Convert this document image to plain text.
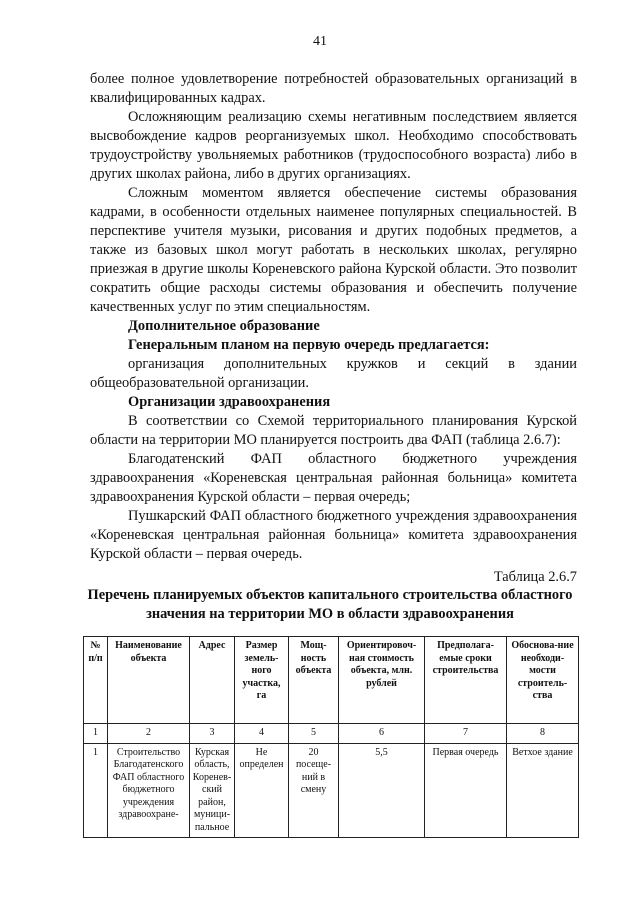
41

более полное удовлетворение потребностей образовательных организаций в квалифицированных кадрах.

Осложняющим реализацию схемы негативным последствием является высвобождение кадров реорганизуемых школ. Необходимо способствовать трудоустройству увольняемых работников (трудоспособного возраста) либо в других школах района, либо в других организациях.

Сложным моментом является обеспечение системы образования кадрами, в особенности отдельных наименее популярных специальностей. В перспективе учителя музыки, рисования и других подобных предметов, а также из базовых школ могут работать в нескольких школах, регулярно приезжая в другие школы Кореневского района Курской области. Это позволит сократить общие расходы системы образования и обеспечить получение качественных услуг по этим специальностям.

Дополнительное образование

Генеральным планом на первую очередь предлагается:

организация дополнительных кружков и секций в здании общеобразовательной организации.

Организации здравоохранения

В соответствии со Схемой территориального планирования Курской области на территории МО планируется построить два ФАП (таблица 2.6.7):

Благодатенский ФАП областного бюджетного учреждения здравоохранения «Кореневская центральная районная больница» комитета здравоохранения Курской области – первая очередь;

Пушкарский ФАП областного бюджетного учреждения здравоохранения «Кореневская центральная районная больница» комитета здравоохранения Курской области – первая очередь.

Таблица 2.6.7

Перечень планируемых объектов капитального строительства областного значения на территории МО в области здравоохранения
№ п/п	Наименование объекта	Адрес	Размер земель-ного участка, га	Мощ-ность объекта	Ориентировоч-ная стоимость объекта, млн. рублей	Предполага-емые сроки строительства	Обоснова-ние необходи-мости строитель-ства
1	2	3	4	5	6	7	8
1	Строительство Благодатенского ФАП областного бюджетного учреждения здравоохране-	Курская область, Коренев-ский район, муници-пальное	Не определен	20 посеще-ний в смену	5,5	Первая очередь	Ветхое здание
